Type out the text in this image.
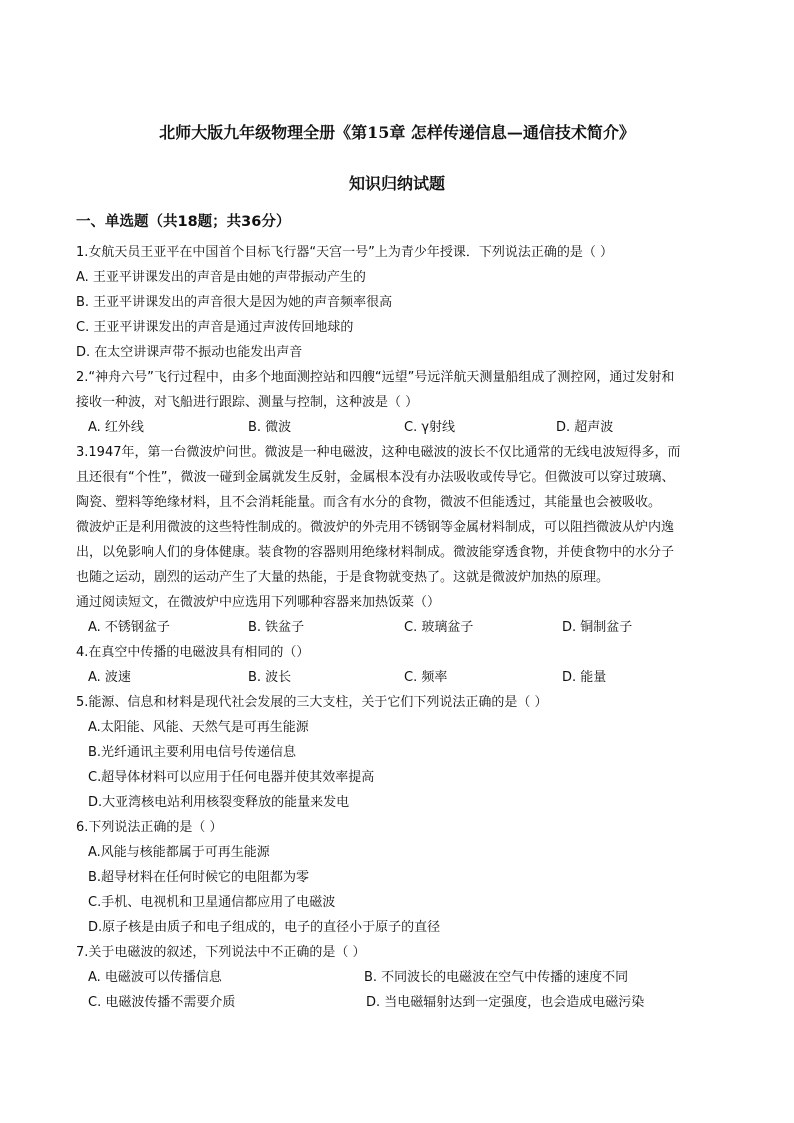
北师大版九年级物理全册《第15章 怎样传递信息—通信技术简介》
知识归纳试题
一、单选题（共18题；共36分）
1.女航天员王亚平在中国首个目标飞行器“天宫一号”上为青少年授课．下列说法正确的是（ ）
A. 王亚平讲课发出的声音是由她的声带振动产生的
B. 王亚平讲课发出的声音很大是因为她的声音频率很高
C. 王亚平讲课发出的声音是通过声波传回地球的
D. 在太空讲课声带不振动也能发出声音
2.“神舟六号”飞行过程中，由多个地面测控站和四艘“远望”号远洋航天测量船组成了测控网，通过发射和
接收一种波，对飞船进行跟踪、测量与控制，这种波是（ ）
A. 红外线	B. 微波	C. γ射线	D. 超声波
3.1947年，第一台微波炉问世。微波是一种电磁波，这种电磁波的波长不仅比通常的无线电波短得多，而
且还很有“个性”，微波一碰到金属就发生反射，金属根本没有办法吸收或传导它。但微波可以穿过玻璃、
陶瓷、塑料等绝缘材料，且不会消耗能量。而含有水分的食物，微波不但能透过，其能量也会被吸收。
微波炉正是利用微波的这些特性制成的。微波炉的外壳用不锈钢等金属材料制成，可以阻挡微波从炉内逸
出，以免影响人们的身体健康。装食物的容器则用绝缘材料制成。微波能穿透食物，并使食物中的水分子
也随之运动，剧烈的运动产生了大量的热能，于是食物就变热了。这就是微波炉加热的原理。
通过阅读短文，在微波炉中应选用下列哪种容器来加热饭菜（）
A. 不锈钢盆子	B. 铁盆子	C. 玻璃盆子	D. 铜制盆子
4.在真空中传播的电磁波具有相同的（）
A. 波速	B. 波长	C. 频率	D. 能量
5.能源、信息和材料是现代社会发展的三大支柱，关于它们下列说法正确的是（ ）
A.太阳能、风能、天然气是可再生能源
B.光纤通讯主要利用电信号传递信息
C.超导体材料可以应用于任何电器并使其效率提高
D.大亚湾核电站利用核裂变释放的能量来发电
6.下列说法正确的是（ ）
A.风能与核能都属于可再生能源
B.超导材料在任何时候它的电阻都为零
C.手机、电视机和卫星通信都应用了电磁波
D.原子核是由质子和电子组成的，电子的直径小于原子的直径
7.关于电磁波的叙述，下列说法中不正确的是（ ）
A. 电磁波可以传播信息	B. 不同波长的电磁波在空气中传播的速度不同
C. 电磁波传播不需要介质	D. 当电磁辐射达到一定强度，也会造成电磁污染
